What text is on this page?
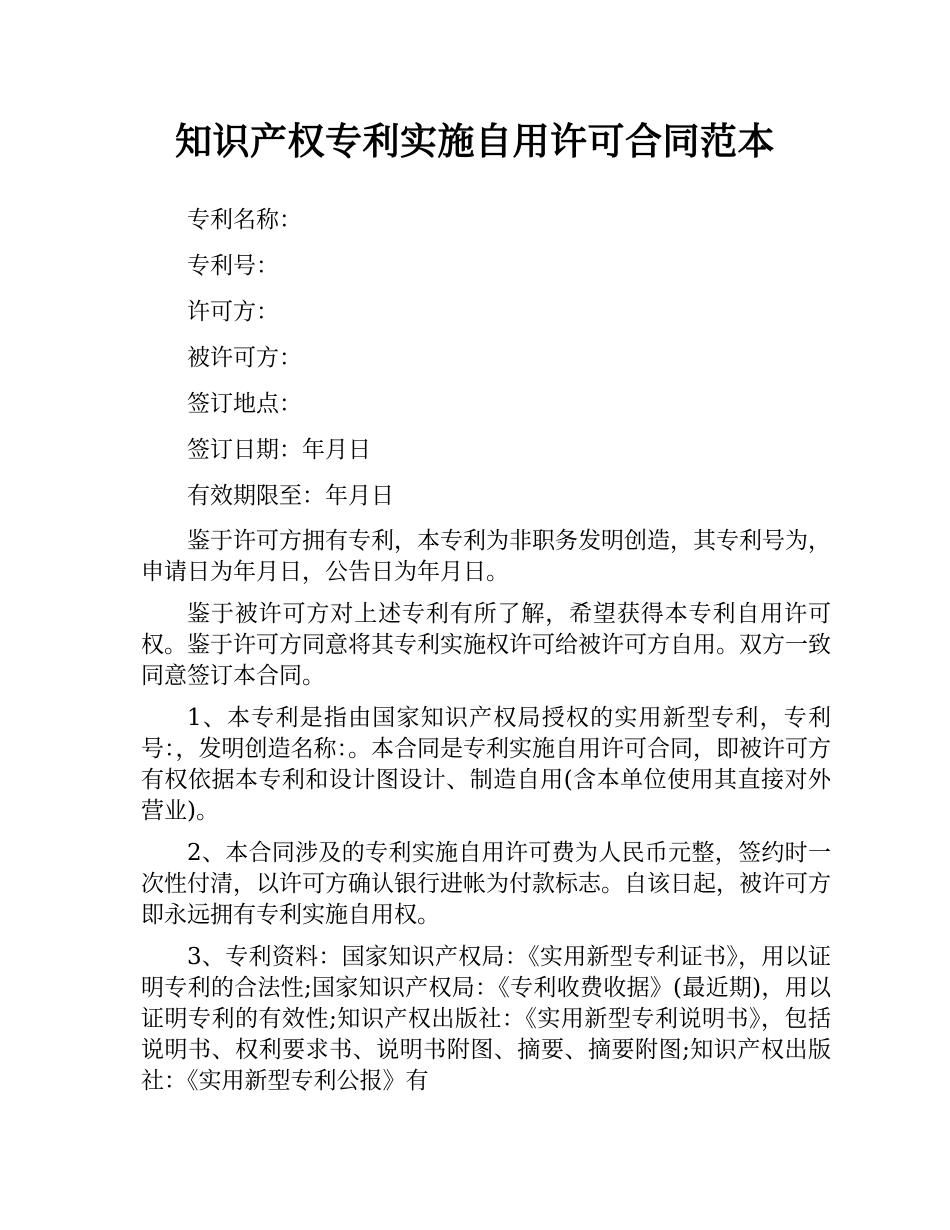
知识产权专利实施自用许可合同范本

专利名称：

专利号：

许可方：

被许可方：

签订地点：

签订日期：年月日

有效期限至：年月日

鉴于许可方拥有专利，本专利为非职务发明创造，其专利号为，申请日为年月日，公告日为年月日。

鉴于被许可方对上述专利有所了解，希望获得本专利自用许可权。鉴于许可方同意将其专利实施权许可给被许可方自用。双方一致同意签订本合同。

1、本专利是指由国家知识产权局授权的实用新型专利，专利号：，发明创造名称：。本合同是专利实施自用许可合同，即被许可方有权依据本专利和设计图设计、制造自用(含本单位使用其直接对外营业)。

2、本合同涉及的专利实施自用许可费为人民币元整，签约时一次性付清，以许可方确认银行进帐为付款标志。自该日起，被许可方即永远拥有专利实施自用权。

3、专利资料：国家知识产权局：《实用新型专利证书》，用以证明专利的合法性;国家知识产权局：《专利收费收据》(最近期)，用以证明专利的有效性;知识产权出版社：《实用新型专利说明书》，包括说明书、权利要求书、说明书附图、摘要、摘要附图;知识产权出版社：《实用新型专利公报》有
